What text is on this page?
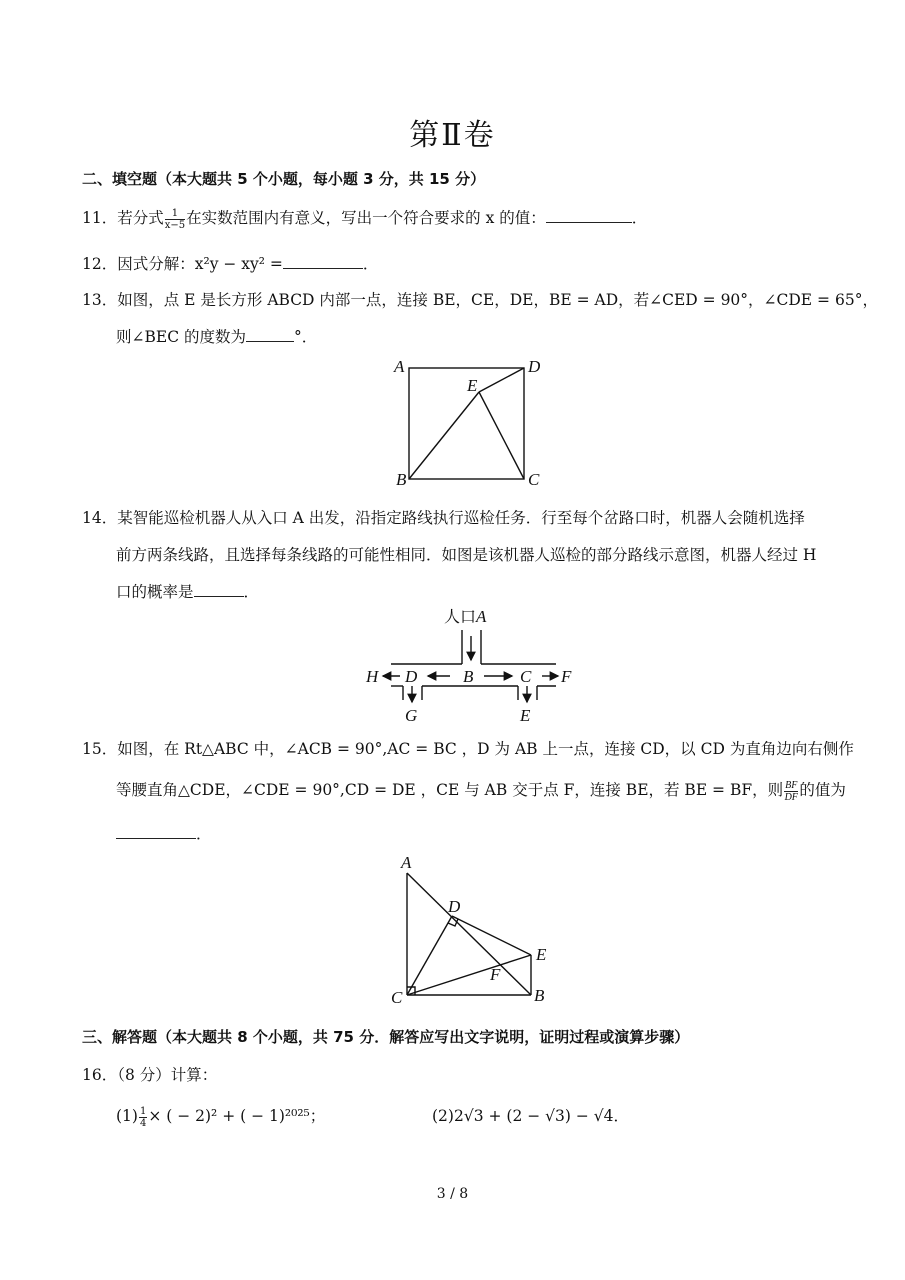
第Ⅱ卷
二、填空题（本大题共 5 个小题，每小题 3 分，共 15 分）
11．若分式 $\frac{1}{x-5}$ 在实数范围内有意义，写出一个符合要求的 x 的值：	．
12．因式分解：x²y − xy² =	．
13．如图，点 E 是长方形 ABCD 内部一点，连接 BE，CE，DE，BE = AD，若∠CED = 90°，∠CDE = 65°，
则∠BEC 的度数为	°．
A	D
E
B	C
14．某智能巡检机器人从入口 A 出发，沿指定路线执行巡检任务．行至每个岔路口时，机器人会随机选择
前方两条线路，且选择每条线路的可能性相同．如图是该机器人巡检的部分路线示意图，机器人经过 H
口的概率是	．
人口 A
H D	B	C F
G	E
15．如图，在 Rt△ABC 中，∠ACB = 90°,AC = BC ，D 为 AB 上一点，连接 CD，以 CD 为直角边向右侧作
等腰直角△CDE，∠CDE = 90°,CD = DE ，CE 与 AB 交于点 F，连接 BE，若 BE = BF，则 $\frac{BF}{DF}$ 的值为
．
A
D
E
F
C	B
三、解答题（本大题共 8 个小题，共 75 分．解答应写出文字说明，证明过程或演算步骤）
16．（8 分）计算：
$(1) \frac{1}{4}$ × ( − 2)² + ( − 1)²⁰²⁵；	(2)2√3 + (2 − √3) − √4．
3 / 8
